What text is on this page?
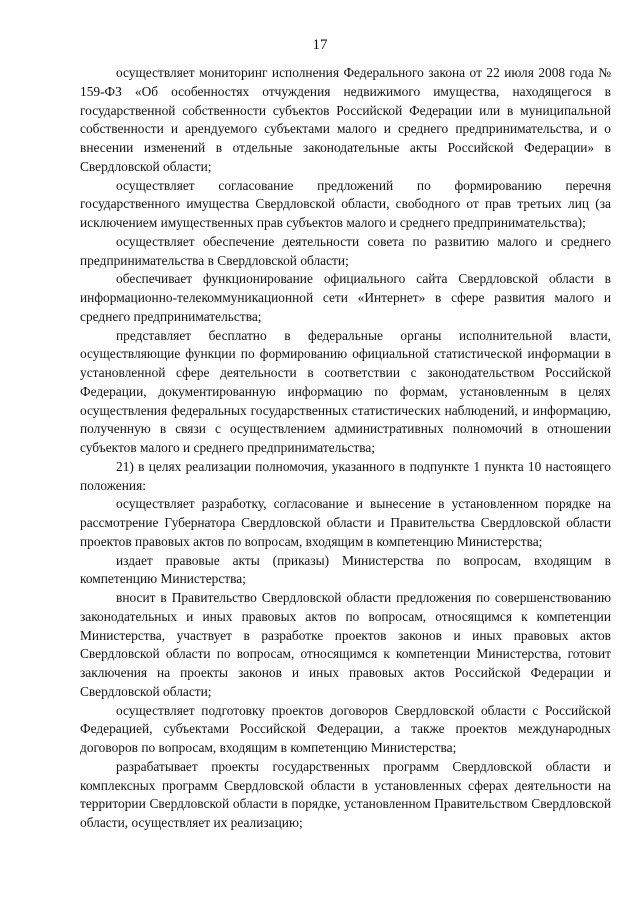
17

осуществляет мониторинг исполнения Федерального закона от 22 июля 2008 года № 159-ФЗ «Об особенностях отчуждения недвижимого имущества, находящегося в государственной собственности субъектов Российской Федерации или в муниципальной собственности и арендуемого субъектами малого и среднего предпринимательства, и о внесении изменений в отдельные законодательные акты Российской Федерации» в Свердловской области;

осуществляет согласование предложений по формированию перечня государственного имущества Свердловской области, свободного от прав третьих лиц (за исключением имущественных прав субъектов малого и среднего предпринимательства);

осуществляет обеспечение деятельности совета по развитию малого и среднего предпринимательства в Свердловской области;

обеспечивает функционирование официального сайта Свердловской области в информационно-телекоммуникационной сети «Интернет» в сфере развития малого и среднего предпринимательства;

представляет бесплатно в федеральные органы исполнительной власти, осуществляющие функции по формированию официальной статистической информации в установленной сфере деятельности в соответствии с законодательством Российской Федерации, документированную информацию по формам, установленным в целях осуществления федеральных государственных статистических наблюдений, и информацию, полученную в связи с осуществлением административных полномочий в отношении субъектов малого и среднего предпринимательства;

21) в целях реализации полномочия, указанного в подпункте 1 пункта 10 настоящего положения:

осуществляет разработку, согласование и вынесение в установленном порядке на рассмотрение Губернатора Свердловской области и Правительства Свердловской области проектов правовых актов по вопросам, входящим в компетенцию Министерства;

издает правовые акты (приказы) Министерства по вопросам, входящим в компетенцию Министерства;

вносит в Правительство Свердловской области предложения по совершенствованию законодательных и иных правовых актов по вопросам, относящимся к компетенции Министерства, участвует в разработке проектов законов и иных правовых актов Свердловской области по вопросам, относящимся к компетенции Министерства, готовит заключения на проекты законов и иных правовых актов Российской Федерации и Свердловской области;

осуществляет подготовку проектов договоров Свердловской области с Российской Федерацией, субъектами Российской Федерации, а также проектов международных договоров по вопросам, входящим в компетенцию Министерства;

разрабатывает проекты государственных программ Свердловской области и комплексных программ Свердловской области в установленных сферах деятельности на территории Свердловской области в порядке, установленном Правительством Свердловской области, осуществляет их реализацию;
